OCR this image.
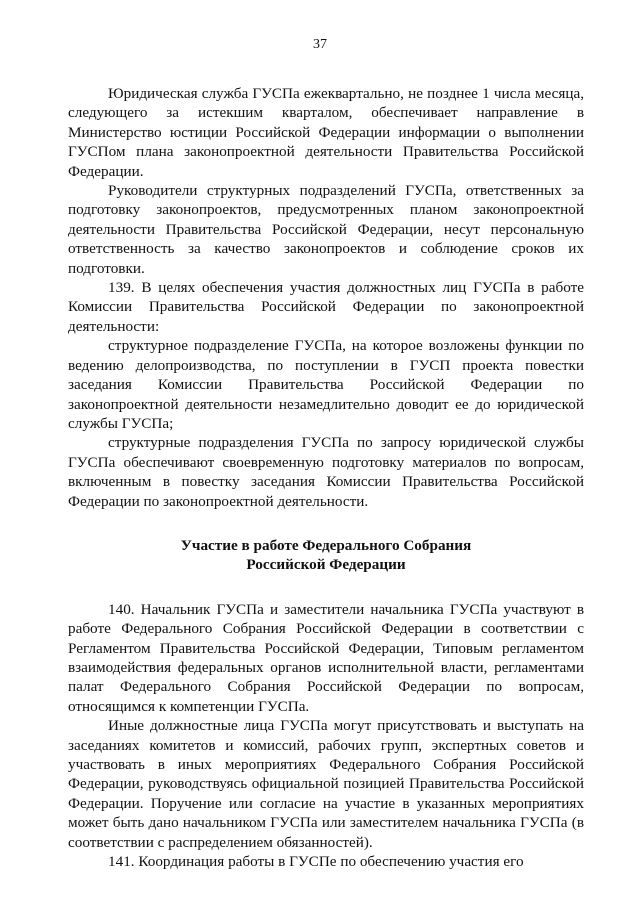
37

Юридическая служба ГУСПа ежеквартально, не позднее 1 числа месяца, следующего за истекшим кварталом, обеспечивает направление в Министерство юстиции Российской Федерации информации о выполнении ГУСПом плана законопроектной деятельности Правительства Российской Федерации.

Руководители структурных подразделений ГУСПа, ответственных за подготовку законопроектов, предусмотренных планом законопроектной деятельности Правительства Российской Федерации, несут персональную ответственность за качество законопроектов и соблюдение сроков их подготовки.

139. В целях обеспечения участия должностных лиц ГУСПа в работе Комиссии Правительства Российской Федерации по законопроектной деятельности:

структурное подразделение ГУСПа, на которое возложены функции по ведению делопроизводства, по поступлении в ГУСП проекта повестки заседания Комиссии Правительства Российской Федерации по законопроектной деятельности незамедлительно доводит ее до юридической службы ГУСПа;

структурные подразделения ГУСПа по запросу юридической службы ГУСПа обеспечивают своевременную подготовку материалов по вопросам, включенным в повестку заседания Комиссии Правительства Российской Федерации по законопроектной деятельности.

Участие в работе Федерального Собрания
Российской Федерации

140. Начальник ГУСПа и заместители начальника ГУСПа участвуют в работе Федерального Собрания Российской Федерации в соответствии с Регламентом Правительства Российской Федерации, Типовым регламентом взаимодействия федеральных органов исполнительной власти, регламентами палат Федерального Собрания Российской Федерации по вопросам, относящимся к компетенции ГУСПа.

Иные должностные лица ГУСПа могут присутствовать и выступать на заседаниях комитетов и комиссий, рабочих групп, экспертных советов и участвовать в иных мероприятиях Федерального Собрания Российской Федерации, руководствуясь официальной позицией Правительства Российской Федерации. Поручение или согласие на участие в указанных мероприятиях может быть дано начальником ГУСПа или заместителем начальника ГУСПа (в соответствии с распределением обязанностей).

141. Координация работы в ГУСПе по обеспечению участия его
